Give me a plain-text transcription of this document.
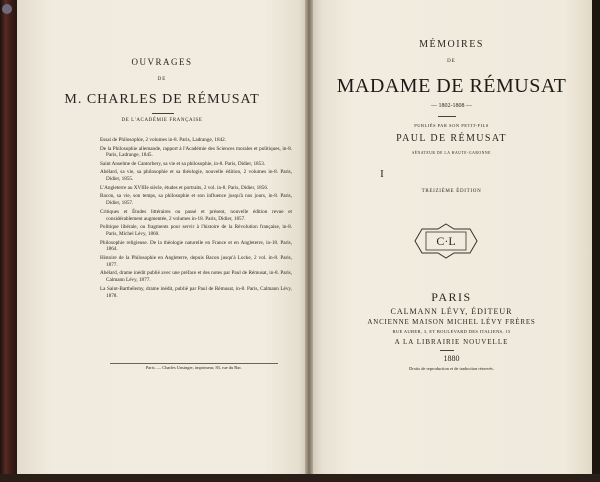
OUVRAGES
DE
M. CHARLES DE RÉMUSAT
DE L'ACADÉMIE FRANÇAISE

Essai de Philosophie, 2 volumes in-8. Paris, Ladrange, 1842.

De la Philosophie allemande, rapport à l'Académie des Sciences morales et politiques, in-8. Paris, Ladrange, 1845.

Saint Anselme de Cantorbery, sa vie et sa philosophie, in-8. Paris, Didier, 1853.

Abélard, sa vie, sa philosophie et sa théologie, nouvelle édition, 2 volumes in-8. Paris, Didier, 1855.

L'Angleterre au XVIIIe siècle, études et portraits, 2 vol. in-8. Paris, Didier, 1856.

Bacon, sa vie, son temps, sa philosophie et son influence jusqu'à nos jours, in-8. Paris, Didier, 1857.

Critiques et Études littéraires ou passé et présent, nouvelle édition revue et considérablement augmentée, 2 volumes in-18. Paris, Didier, 1857.

Politique libérale, ou fragments pour servir à l'histoire de la Révolution française, in-8. Paris, Michel Lévy, 1860.

Philosophie religieuse. De la théologie naturelle en France et en Angleterre, in-18. Paris, 1864.

Histoire de la Philosophie en Angleterre, depuis Bacon jusqu'à Locke, 2 vol. in-8. Paris, 1877.

Abélard, drame inédit publié avec une préface et des notes par Paul de Rémusat, in-8. Paris, Calmann Lévy, 1877.

La Saint-Barthélemy, drame inédit, publié par Paul de Rémusat, in-8. Paris, Calmann Lévy, 1878.

Paris. — Charles Unsinger, imprimeur, 83, rue du Bac.
MÉMOIRES
DE
MADAME DE RÉMUSAT
— 1802-1808 —
PUBLIÉS PAR SON PETIT-FILS
PAUL DE RÉMUSAT
SÉNATEUR DE LA HAUTE-GARONNE
I
TREIZIÈME ÉDITION
C·L
PARIS
CALMANN LÉVY, ÉDITEUR
ANCIENNE MAISON MICHEL LÉVY FRÈRES
RUE AUBER, 3, ET BOULEVARD DES ITALIENS, 15
A LA LIBRAIRIE NOUVELLE
1880
Droits de reproduction et de traduction réservés.
